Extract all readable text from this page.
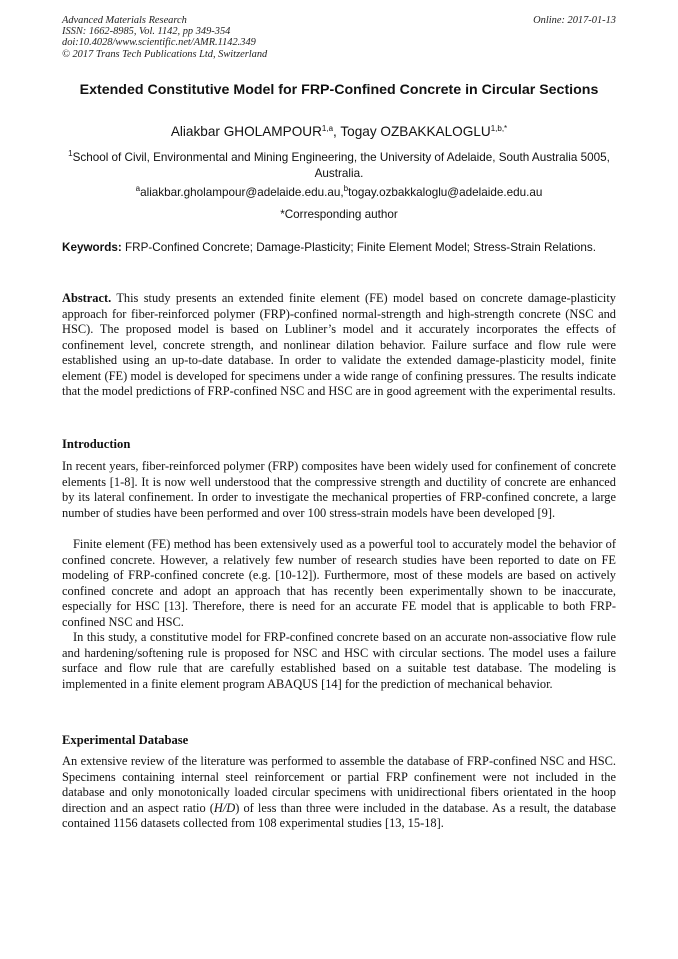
Advanced Materials Research
ISSN: 1662-8985, Vol. 1142, pp 349-354
doi:10.4028/www.scientific.net/AMR.1142.349
© 2017 Trans Tech Publications Ltd, Switzerland
Online: 2017-01-13
Extended Constitutive Model for FRP-Confined Concrete in Circular Sections
Aliakbar GHOLAMPOUR$^{1,a}$, Togay $OZBAKKALOGLU^{1,b,*}$
$^1$School of Civil, Environmental and Mining Engineering, the University of Adelaide, South Australia 5005, Australia.
$^a$aliakbar.gholampour@adelaide.edu.au,$^b$togay.ozbakkaloglu@adelaide.edu.au
*Corresponding author
Keywords: FRP-Confined Concrete; Damage-Plasticity; Finite Element Model; Stress-Strain Relations.

Abstract. This study presents an extended finite element (FE) model based on concrete damage-plasticity approach for fiber-reinforced polymer (FRP)-confined normal-strength and high-strength concrete (NSC and HSC). The proposed model is based on Lubliner’s model and it accurately incorporates the effects of confinement level, concrete strength, and nonlinear dilation behavior. Failure surface and flow rule were established using an up-to-date database. In order to validate the extended damage-plasticity model, finite element (FE) model is developed for specimens under a wide range of confining pressures. The results indicate that the model predictions of FRP-confined NSC and HSC are in good agreement with the experimental results.

Introduction

In recent years, fiber-reinforced polymer (FRP) composites have been widely used for confinement of concrete elements [1-8]. It is now well understood that the compressive strength and ductility of concrete are enhanced by its lateral confinement. In order to investigate the mechanical properties of FRP-confined concrete, a large number of studies have been performed and over 100 stress-strain models have been developed [9].

Finite element (FE) method has been extensively used as a powerful tool to accurately model the behavior of confined concrete. However, a relatively few number of research studies have been reported to date on FE modeling of FRP-confined concrete (e.g. [10-12]). Furthermore, most of these models are based on actively confined concrete and adopt an approach that has recently been experimentally shown to be inaccurate, especially for HSC [13]. Therefore, there is need for an accurate FE model that is applicable to both FRP-confined NSC and HSC.

In this study, a constitutive model for FRP-confined concrete based on an accurate non-associative flow rule and hardening/softening rule is proposed for NSC and HSC with circular sections. The model uses a failure surface and flow rule that are carefully established based on a suitable test database. The modeling is implemented in a finite element program ABAQUS [14] for the prediction of mechanical behavior.

Experimental Database

An extensive review of the literature was performed to assemble the database of FRP-confined NSC and HSC. Specimens containing internal steel reinforcement or partial FRP confinement were not included in the database and only monotonically loaded circular specimens with unidirectional fibers orientated in the hoop direction and an aspect ratio (H/D) of less than three were included in the database. As a result, the database contained 1156 datasets collected from 108 experimental studies [13, 15-18].
